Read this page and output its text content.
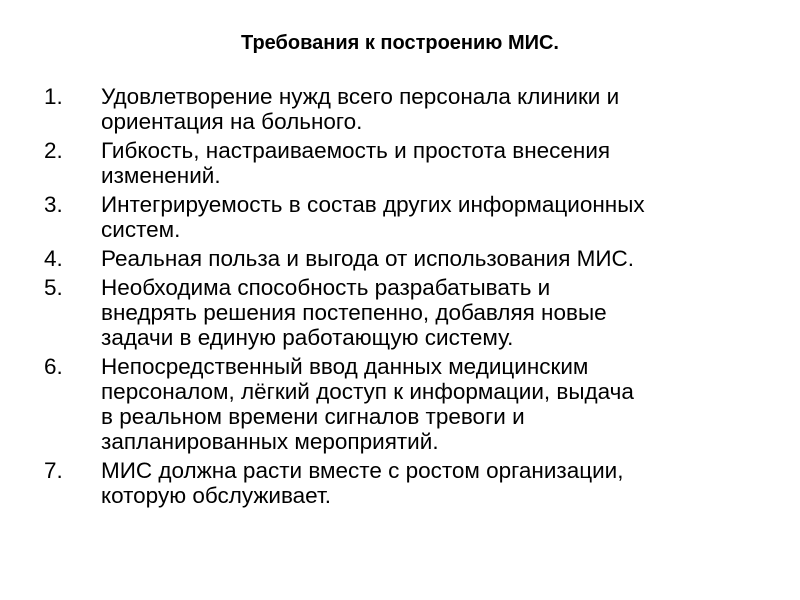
Требования к построению МИС.
1.	Удовлетворение нужд всего персонала клиники и
ориентация на больного.
2.	Гибкость, настраиваемость и простота внесения
изменений.
3.	Интегрируемость в состав других информационных
систем.
4.	Реальная польза и выгода от использования МИС.
5.	Необходима способность разрабатывать и
внедрять решения постепенно, добавляя новые
задачи в единую работающую систему.
6.	Непосредственный ввод данных медицинским
персоналом, лёгкий доступ к информации, выдача
в реальном времени сигналов тревоги и
запланированных мероприятий.
7.	МИС должна расти вместе с ростом организации,
которую обслуживает.
